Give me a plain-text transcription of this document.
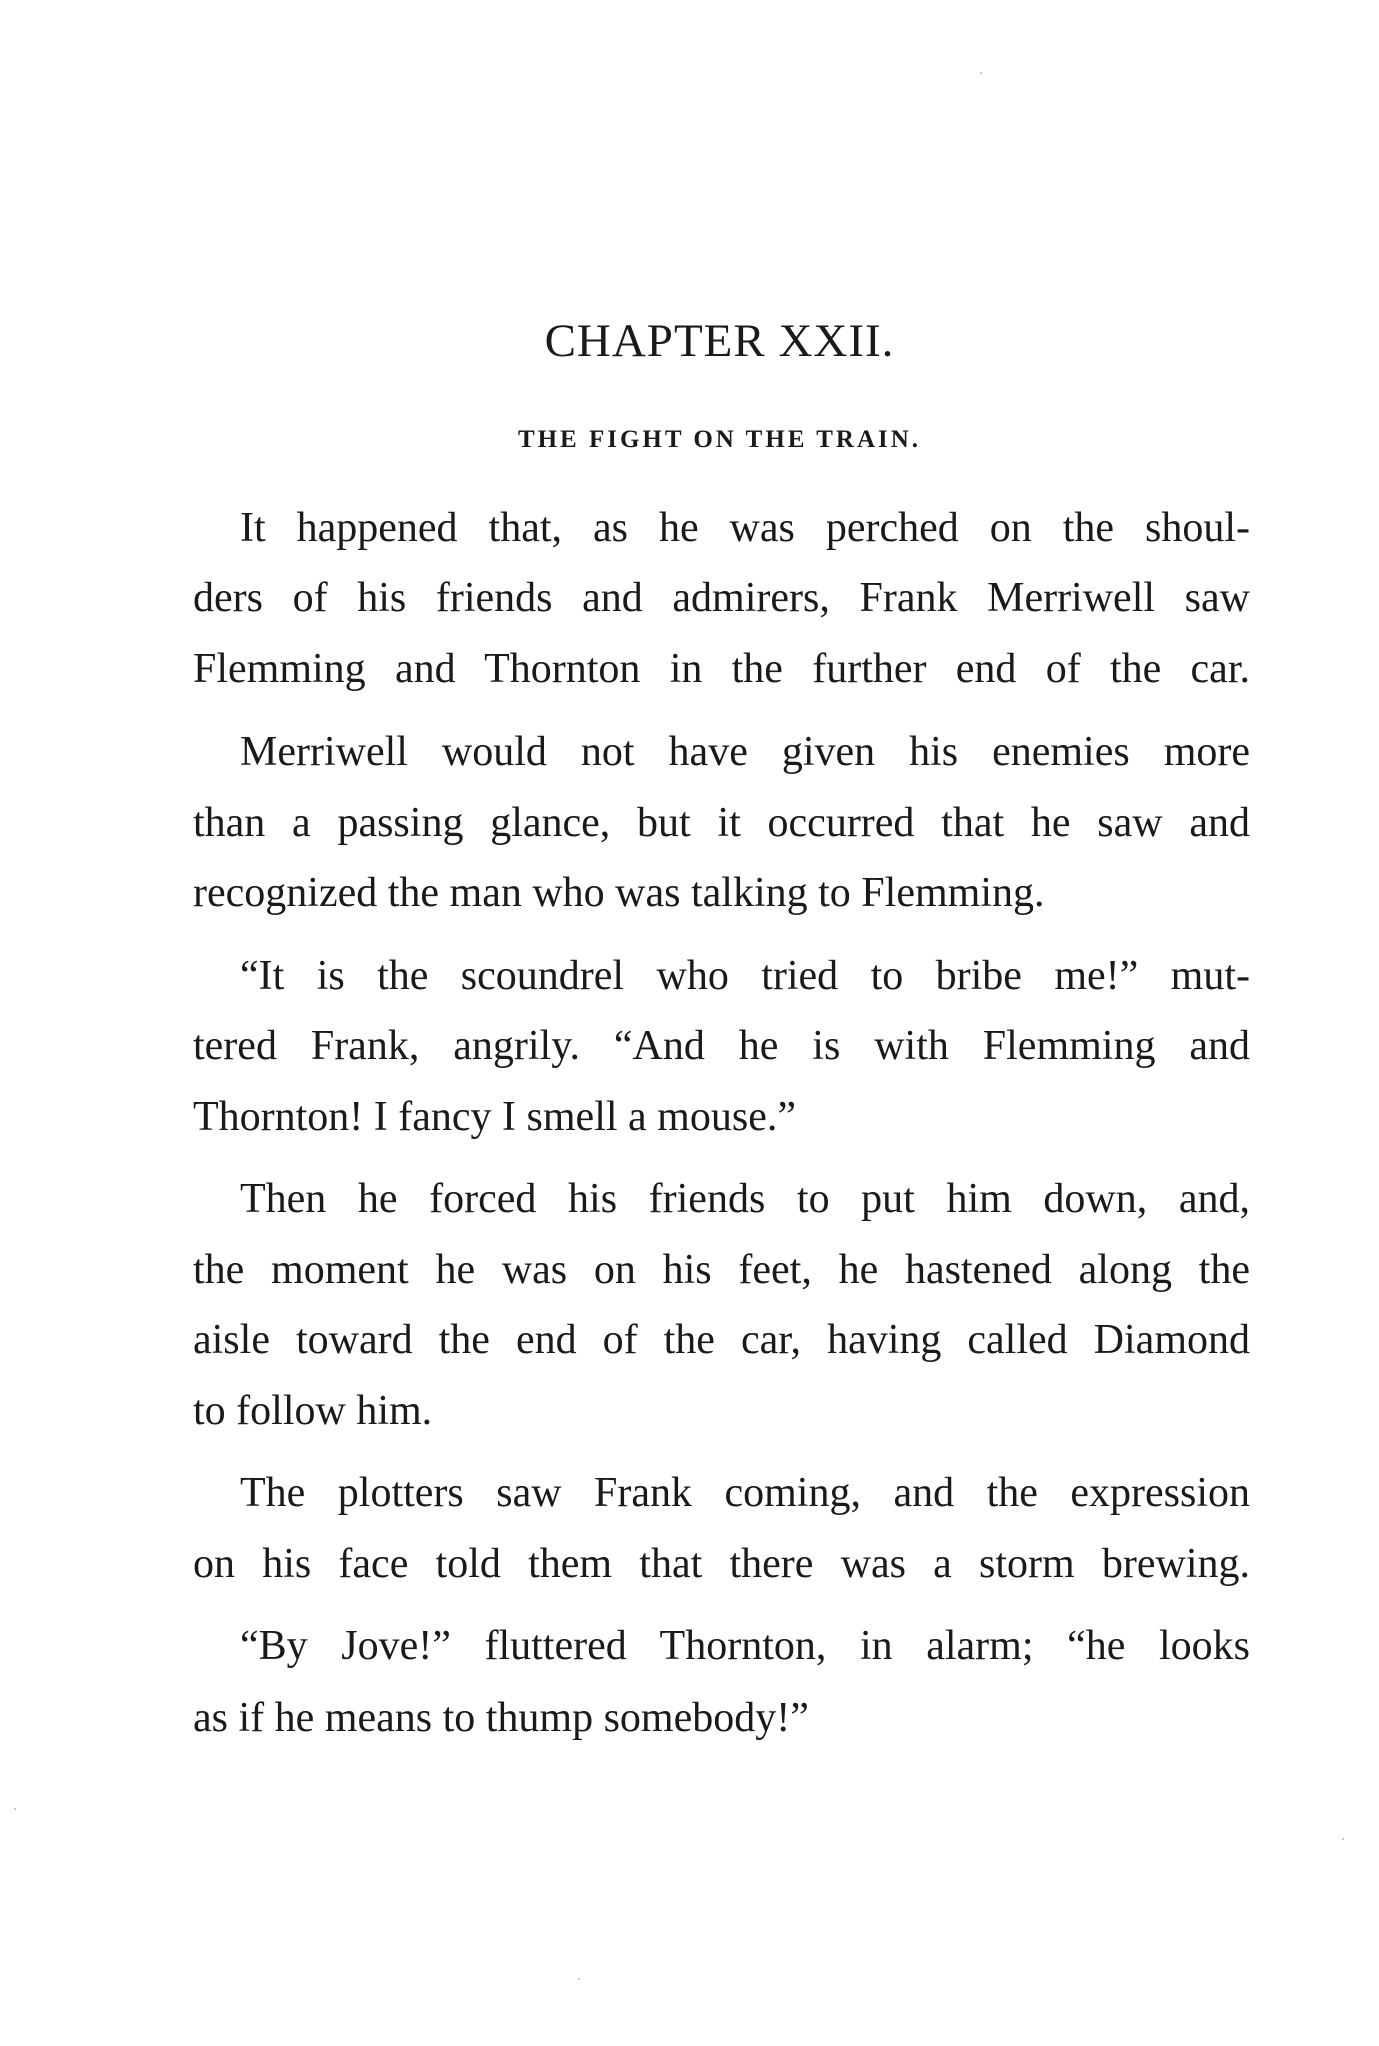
CHAPTER XXII.
THE FIGHT ON THE TRAIN.
It happened that, as he was perched on the shoul-
ders of his friends and admirers, Frank Merriwell saw
Flemming and Thornton in the further end of the car.
Merriwell would not have given his enemies more
than a passing glance, but it occurred that he saw and
recognized the man who was talking to Flemming.
“It is the scoundrel who tried to bribe me!” mut-
tered Frank, angrily. “And he is with Flemming and
Thornton! I fancy I smell a mouse.”
Then he forced his friends to put him down, and,
the moment he was on his feet, he hastened along the
aisle toward the end of the car, having called Diamond
to follow him.
The plotters saw Frank coming, and the expression
on his face told them that there was a storm brewing.
“By Jove!” fluttered Thornton, in alarm; “he looks
as if he means to thump somebody!”
